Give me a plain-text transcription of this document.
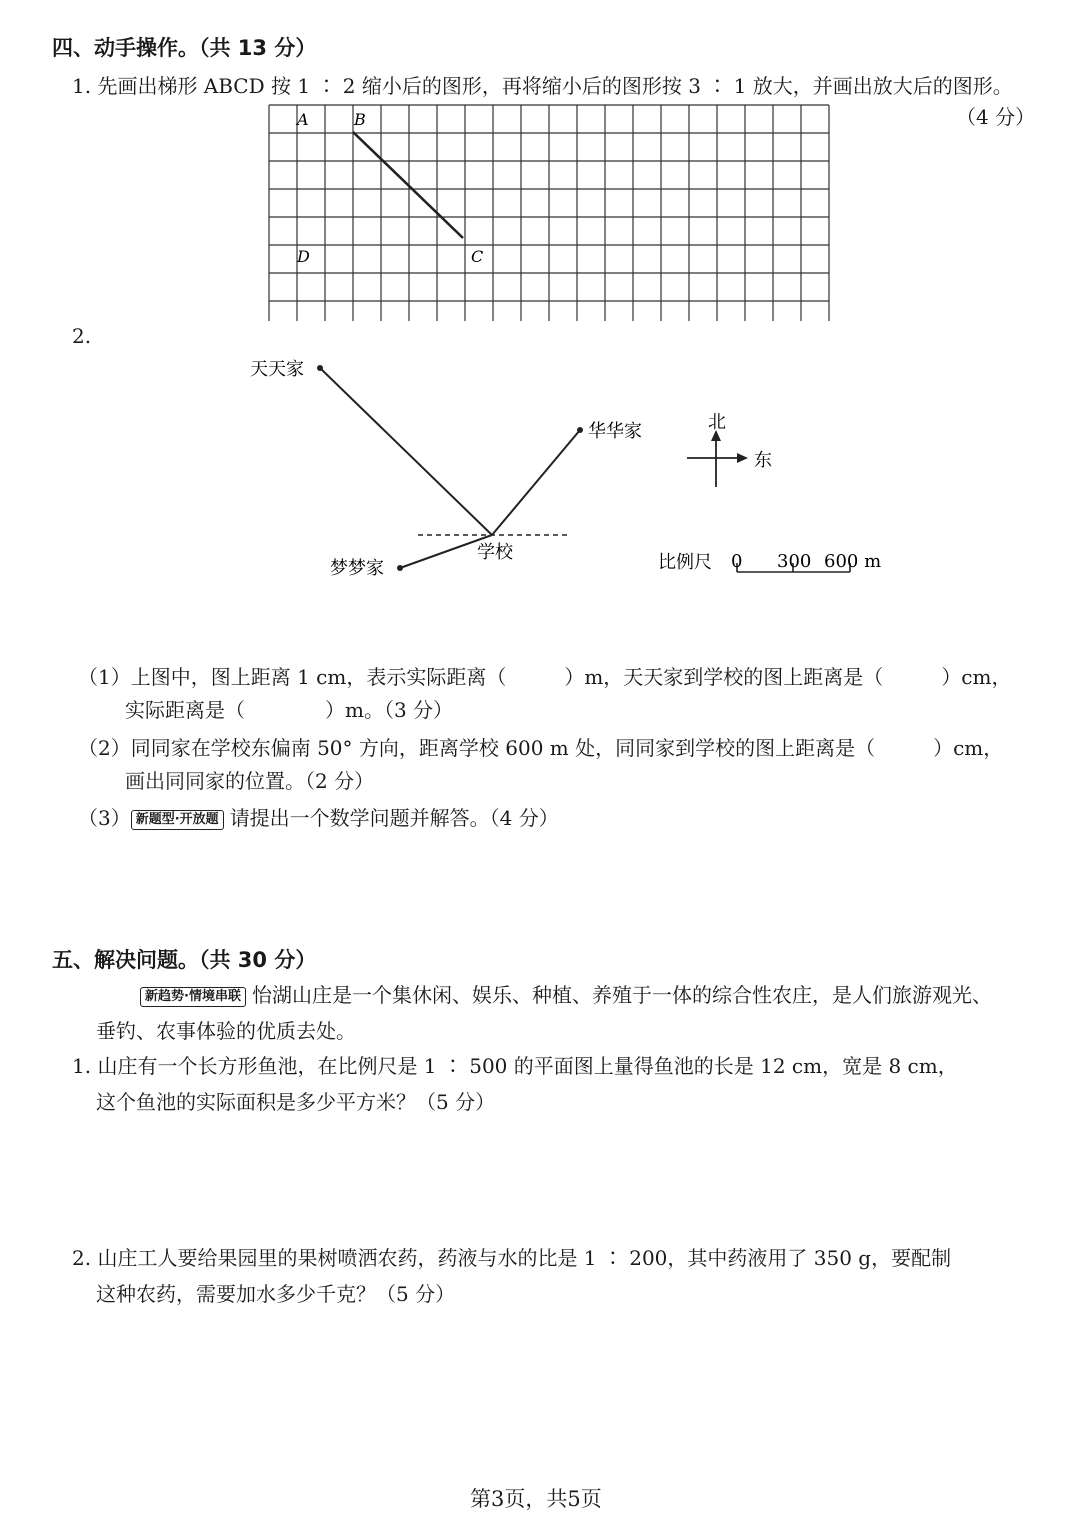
四、动手操作。（共 13 分）
1. 先画出梯形 ABCD 按 1 ∶ 2 缩小后的图形，再将缩小后的图形按 3 ∶ 1 放大，并画出放大后的图形。
（4 分）
A	B
D	C
2.
天天家
华华家
梦梦家
学校
北
东
比例尺 0 300 600 m
（1）上图中，图上距离 1 cm，表示实际距离（	）m，天天家到学校的图上距离是（	）cm，
实际距离是（	）m。（3 分）
（2）同同家在学校东偏南 50° 方向，距离学校 600 m 处，同同家到学校的图上距离是（	）cm，
画出同同家的位置。（2 分）
（3） 新题型·开放题 请提出一个数学问题并解答。（4 分）
五、解决问题。（共 30 分）
新趋势·情境串联 怡湖山庄是一个集休闲、娱乐、种植、养殖于一体的综合性农庄，是人们旅游观光、
垂钓、农事体验的优质去处。
1. 山庄有一个长方形鱼池，在比例尺是 1 ∶ 500 的平面图上量得鱼池的长是 12 cm，宽是 8 cm，
这个鱼池的实际面积是多少平方米？（5 分）
2. 山庄工人要给果园里的果树喷洒农药，药液与水的比是 1 ∶ 200，其中药液用了 350 g，要配制
这种农药，需要加水多少千克？（5 分）
第3页，共5页
